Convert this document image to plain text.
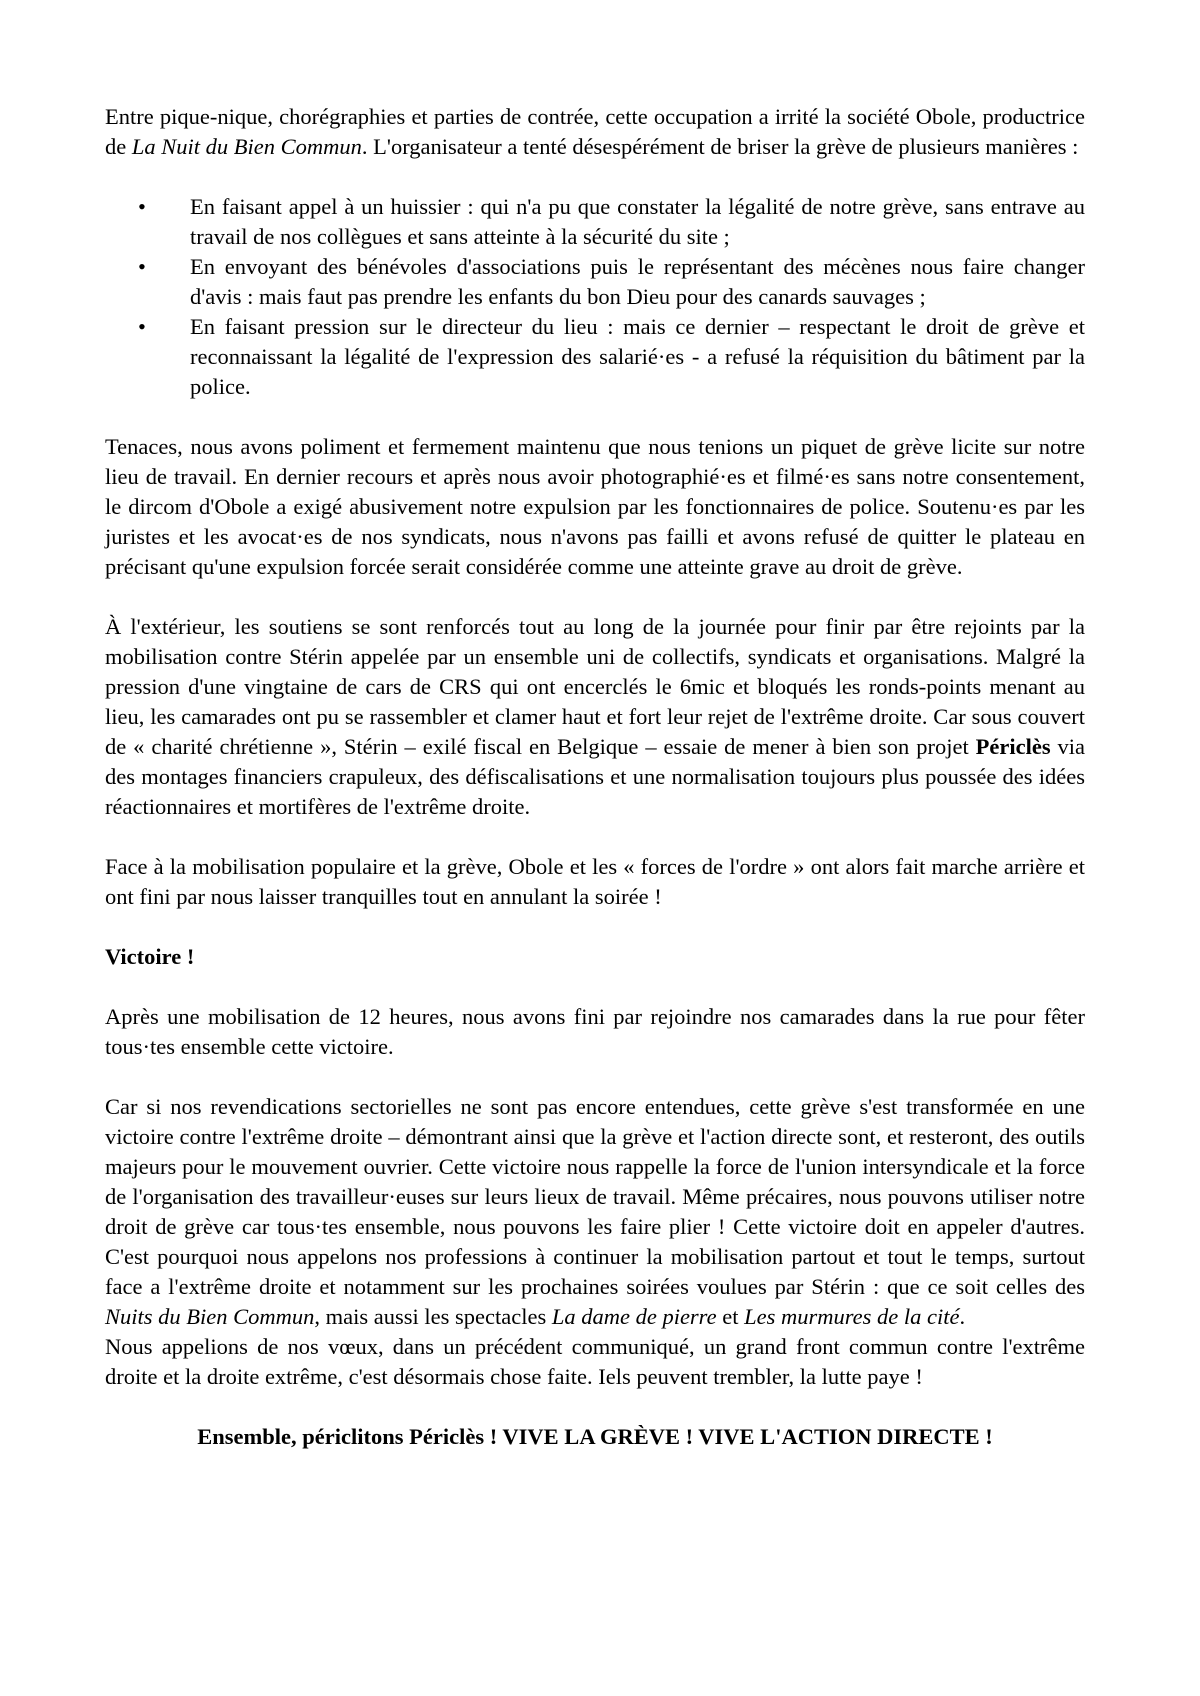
Entre pique-nique, chorégraphies et parties de contrée, cette occupation a irrité la société Obole, productrice de La Nuit du Bien Commun. L'organisateur a tenté désespérément de briser la grève de plusieurs manières :
• En faisant appel à un huissier : qui n'a pu que constater la légalité de notre grève, sans entrave au travail de nos collègues et sans atteinte à la sécurité du site ;
• En envoyant des bénévoles d'associations puis le représentant des mécènes nous faire changer d'avis : mais faut pas prendre les enfants du bon Dieu pour des canards sauvages ;
• En faisant pression sur le directeur du lieu : mais ce dernier – respectant le droit de grève et reconnaissant la légalité de l'expression des salarié·es - a refusé la réquisition du bâtiment par la police.
Tenaces, nous avons poliment et fermement maintenu que nous tenions un piquet de grève licite sur notre lieu de travail. En dernier recours et après nous avoir photographié·es et filmé·es sans notre consentement, le dircom d'Obole a exigé abusivement notre expulsion par les fonctionnaires de police. Soutenu·es par les juristes et les avocat·es de nos syndicats, nous n'avons pas failli et avons refusé de quitter le plateau en précisant qu'une expulsion forcée serait considérée comme une atteinte grave au droit de grève.
À l'extérieur, les soutiens se sont renforcés tout au long de la journée pour finir par être rejoints par la mobilisation contre Stérin appelée par un ensemble uni de collectifs, syndicats et organisations. Malgré la pression d'une vingtaine de cars de CRS qui ont encerclés le 6mic et bloqués les ronds-points menant au lieu, les camarades ont pu se rassembler et clamer haut et fort leur rejet de l'extrême droite. Car sous couvert de « charité chrétienne », Stérin – exilé fiscal en Belgique – essaie de mener à bien son projet Périclès via des montages financiers crapuleux, des défiscalisations et une normalisation toujours plus poussée des idées réactionnaires et mortifères de l'extrême droite.
Face à la mobilisation populaire et la grève, Obole et les « forces de l'ordre » ont alors fait marche arrière et ont fini par nous laisser tranquilles tout en annulant la soirée !
Victoire !
Après une mobilisation de 12 heures, nous avons fini par rejoindre nos camarades dans la rue pour fêter tous·tes ensemble cette victoire.
Car si nos revendications sectorielles ne sont pas encore entendues, cette grève s'est transformée en une victoire contre l'extrême droite – démontrant ainsi que la grève et l'action directe sont, et resteront, des outils majeurs pour le mouvement ouvrier. Cette victoire nous rappelle la force de l'union intersyndicale et la force de l'organisation des travailleur·euses sur leurs lieux de travail. Même précaires, nous pouvons utiliser notre droit de grève car tous·tes ensemble, nous pouvons les faire plier ! Cette victoire doit en appeler d'autres. C'est pourquoi nous appelons nos professions à continuer la mobilisation partout et tout le temps, surtout face a l'extrême droite et notamment sur les prochaines soirées voulues par Stérin : que ce soit celles des Nuits du Bien Commun, mais aussi les spectacles La dame de pierre et Les murmures de la cité.
Nous appelions de nos vœux, dans un précédent communiqué, un grand front commun contre l'extrême droite et la droite extrême, c'est désormais chose faite. Iels peuvent trembler, la lutte paye !
Ensemble, périclitons Périclès ! VIVE LA GRÈVE ! VIVE L'ACTION DIRECTE !
